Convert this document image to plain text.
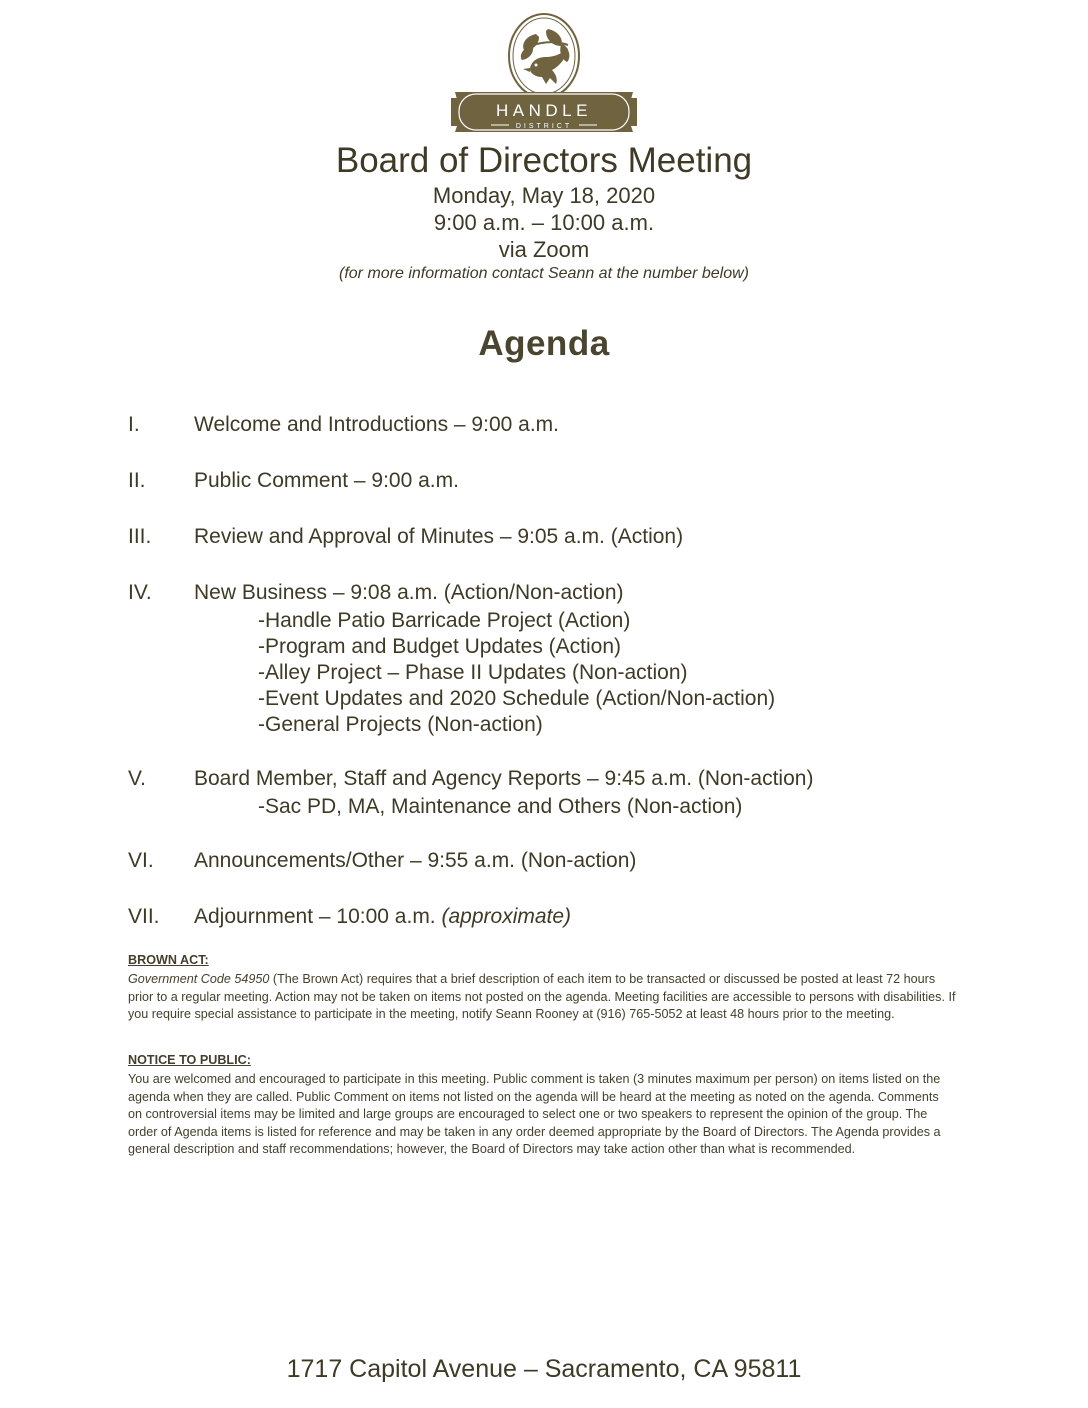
HANDLE
DISTRICT
Board of Directors Meeting
Monday, May 18, 2020
9:00 a.m. – 10:00 a.m.
via Zoom
(for more information contact Seann at the number below)
Agenda
I.	Welcome and Introductions – 9:00 a.m.
II.	Public Comment – 9:00 a.m.
III.	Review and Approval of Minutes – 9:05 a.m. (Action)
IV.	New Business – 9:08 a.m. (Action/Non-action)
-Handle Patio Barricade Project (Action)
-Program and Budget Updates (Action)
-Alley Project – Phase II Updates (Non-action)
-Event Updates and 2020 Schedule (Action/Non-action)
-General Projects (Non-action)
V.	Board Member, Staff and Agency Reports – 9:45 a.m. (Non-action)
-Sac PD, MA, Maintenance and Others (Non-action)
VI.	Announcements/Other – 9:55 a.m. (Non-action)
VII.	Adjournment – 10:00 a.m. (approximate)
BROWN ACT:

Government Code 54950 (The Brown Act) requires that a brief description of each item to be transacted or discussed be posted at least 72 hours prior to a regular meeting. Action may not be taken on items not posted on the agenda. Meeting facilities are accessible to persons with disabilities. If you require special assistance to participate in the meeting, notify Seann Rooney at (916) 765-5052 at least 48 hours prior to the meeting.

NOTICE TO PUBLIC:

You are welcomed and encouraged to participate in this meeting. Public comment is taken (3 minutes maximum per person) on items listed on the agenda when they are called. Public Comment on items not listed on the agenda will be heard at the meeting as noted on the agenda. Comments on controversial items may be limited and large groups are encouraged to select one or two speakers to represent the opinion of the group. The order of Agenda items is listed for reference and may be taken in any order deemed appropriate by the Board of Directors. The Agenda provides a general description and staff recommendations; however, the Board of Directors may take action other than what is recommended.

1717 Capitol Avenue – Sacramento, CA 95811
